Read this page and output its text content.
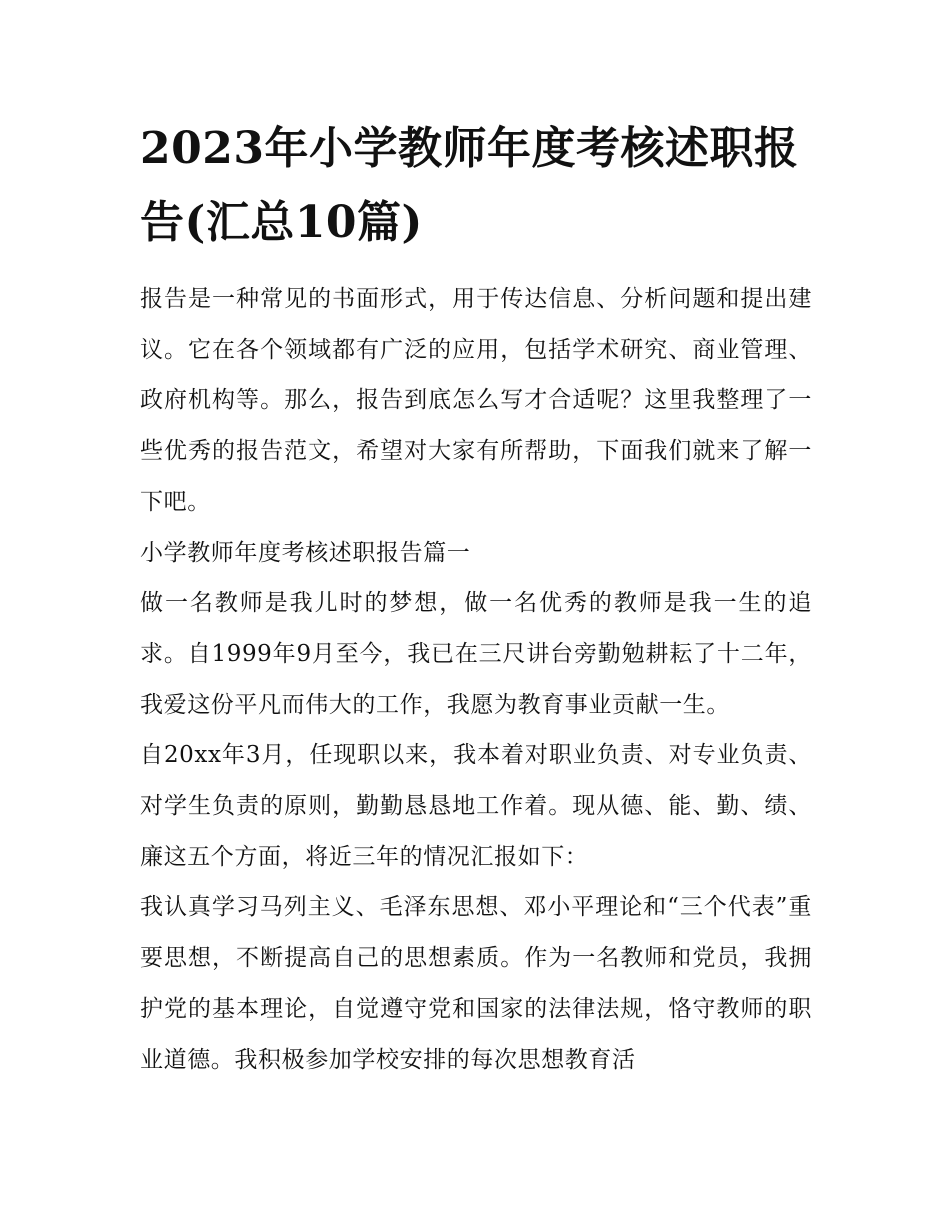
2023年小学教师年度考核述职报告(汇总10篇)

报告是一种常见的书面形式，用于传达信息、分析问题和提出建议。它在各个领域都有广泛的应用，包括学术研究、商业管理、政府机构等。那么，报告到底怎么写才合适呢？这里我整理了一些优秀的报告范文，希望对大家有所帮助，下面我们就来了解一下吧。

小学教师年度考核述职报告篇一

做一名教师是我儿时的梦想，做一名优秀的教师是我一生的追求。自1999年9月至今，我已在三尺讲台旁勤勉耕耘了十二年，我爱这份平凡而伟大的工作，我愿为教育事业贡献一生。

自20xx年3月，任现职以来，我本着对职业负责、对专业负责、对学生负责的原则，勤勤恳恳地工作着。现从德、能、勤、绩、廉这五个方面，将近三年的情况汇报如下：

我认真学习马列主义、毛泽东思想、邓小平理论和“三个代表”重要思想，不断提高自己的思想素质。作为一名教师和党员，我拥护党的基本理论，自觉遵守党和国家的法律法规，恪守教师的职业道德。我积极参加学校安排的每次思想教育活
